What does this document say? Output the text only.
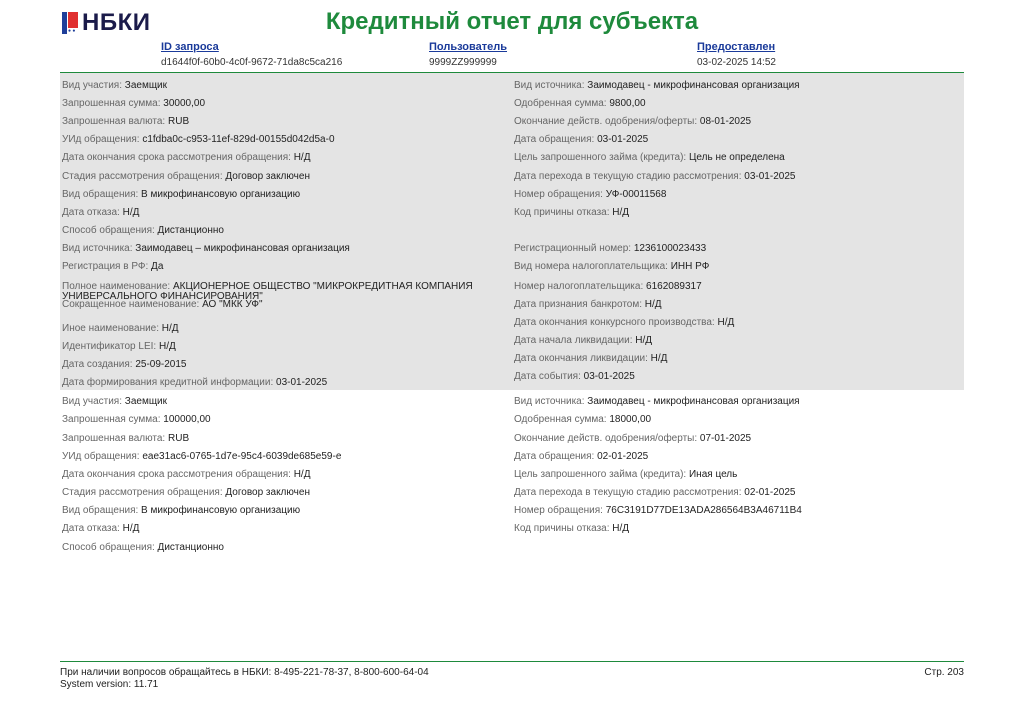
● ● НБКИ	Кредитный отчет для субъекта
ID запроса
d1644f0f-60b0-4c0f-9672-71da8c5ca216
Пользователь
9999ZZ999999
Предоставлен
03-02-2025 14:52
Вид участия: Заемщик
Запрошенная сумма: 30000,00
Запрошенная валюта: RUB
УИд обращения: c1fdba0c-c953-11ef-829d-00155d042d5a-0
Дата окончания срока рассмотрения обращения: Н/Д
Стадия рассмотрения обращения: Договор заключен
Вид обращения: В микрофинансовую организацию
Дата отказа: Н/Д
Способ обращения: Дистанционно
Вид источника: Заимодавец – микрофинансовая организация
Регистрация в РФ: Да
Полное наименование: АКЦИОНЕРНОЕ ОБЩЕСТВО "МИКРОКРЕДИТНАЯ КОМПАНИЯ УНИВЕРСАЛЬНОГО ФИНАНСИРОВАНИЯ"
Сокращенное наименование: АО "МКК УФ"
Иное наименование: Н/Д
Идентификатор LEI: Н/Д
Дата создания: 25-09-2015
Дата формирования кредитной информации: 03-01-2025
Вид источника: Заимодавец - микрофинансовая организация
Одобренная сумма: 9800,00
Окончание действ. одобрения/оферты: 08-01-2025
Дата обращения: 03-01-2025
Цель запрошенного займа (кредита): Цель не определена
Дата перехода в текущую стадию рассмотрения: 03-01-2025
Номер обращения: УФ-00011568
Код причины отказа: Н/Д
Регистрационный номер: 1236100023433
Вид номера налогоплательщика: ИНН РФ
Номер налогоплательщика: 6162089317
Дата признания банкротом: Н/Д
Дата окончания конкурсного производства: Н/Д
Дата начала ликвидации: Н/Д
Дата окончания ликвидации: Н/Д
Дата события: 03-01-2025
Вид участия: Заемщик
Запрошенная сумма: 100000,00
Запрошенная валюта: RUB
УИд обращения: eae31ac6-0765-1d7e-95c4-6039de685e59-e
Дата окончания срока рассмотрения обращения: Н/Д
Стадия рассмотрения обращения: Договор заключен
Вид обращения: В микрофинансовую организацию
Дата отказа: Н/Д
Способ обращения: Дистанционно
Вид источника: Заимодавец - микрофинансовая организация
Одобренная сумма: 18000,00
Окончание действ. одобрения/оферты: 07-01-2025
Дата обращения: 02-01-2025
Цель запрошенного займа (кредита): Иная цель
Дата перехода в текущую стадию рассмотрения: 02-01-2025
Номер обращения: 76C3191D77DE13ADA286564B3A46711B4
Код причины отказа: Н/Д
При наличии вопросов обращайтесь в НБКИ: 8-495-221-78-37, 8-800-600-64-04
System version: 11.71
Стр. 203
